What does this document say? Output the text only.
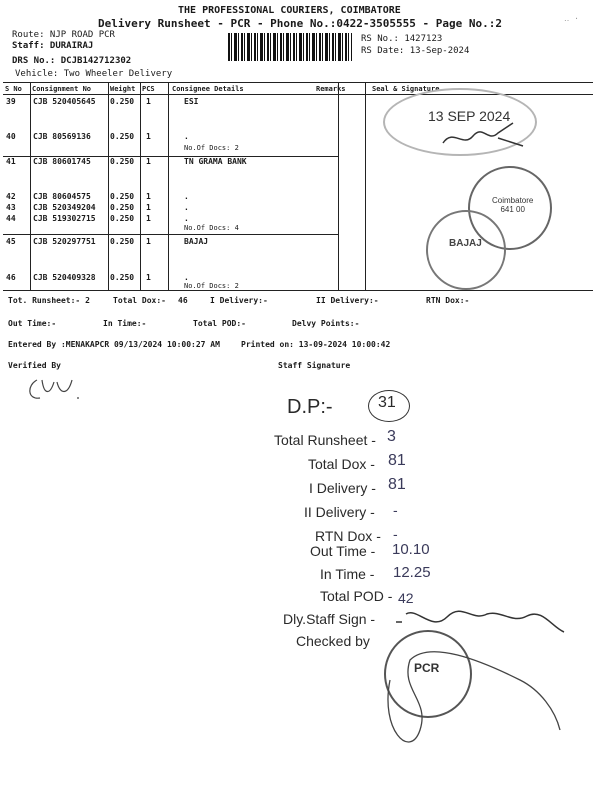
THE PROFESSIONAL COURIERS, COIMBATORE
Delivery Runsheet - PCR - Phone No.:0422-3505555 - Page No.:2
Route: NJP ROAD PCR
Staff: DURAIRAJ
DRS No.: DCJB142712302
Vehicle: Two Wheeler Delivery
RS No.: 1427123
RS Date: 13-Sep-2024
‥ ·
S No Consignment No	Weight PCS Consignee Details	Remarks	Seal & Signature
39 CJB 520405645 0.250 1	ESI
40 CJB 80569136 0.250 1	.
No.Of Docs: 2
41 CJB 80601745 0.250 1	TN GRAMA BANK
42 CJB 80604575 0.250 1	.
43 CJB 520349204 0.250 1	.
44 CJB 519302715 0.250 1	.
No.Of Docs: 4
45 CJB 520297751 0.250 1	BAJAJ
46 CJB 520409328 0.250 1	.
No.Of Docs: 2
13 SEP 2024
Coimbatore
641 00
BAJAJ
Tot. Runsheet:- 2	Total Dox:- 46	I Delivery:-	II Delivery:-	RTN Dox:-
Out Time:-	In Time:-	Total POD:-	Delvy Points:-
Entered By :MENAKAPCR 09/13/2024 10:00:27 AM	Printed on: 13-09-2024 10:00:42
Verified By	Staff Signature
D.P:-	31
Total Runsheet - 3
Total Dox - 81
I Delivery - 81
II Delivery - -
RTN Dox - -
Out Time - 10.10
In Time - 12.25
Total POD - 42
Dly.Staff Sign -
Checked by
PCR
